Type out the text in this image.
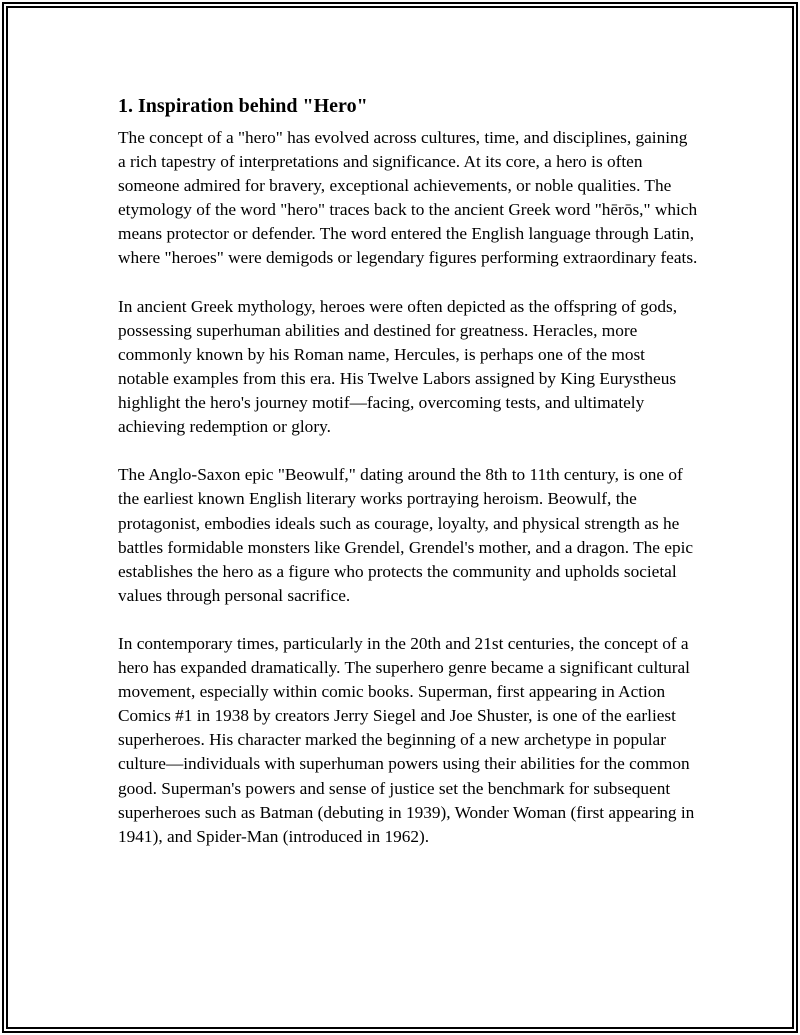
1. Inspiration behind "Hero"

The concept of a "hero" has evolved across cultures, time, and disciplines, gaining a rich tapestry of interpretations and significance. At its core, a hero is often someone admired for bravery, exceptional achievements, or noble qualities. The etymology of the word "hero" traces back to the ancient Greek word "hērōs," which means protector or defender. The word entered the English language through Latin, where "heroes" were demigods or legendary figures performing extraordinary feats.

In ancient Greek mythology, heroes were often depicted as the offspring of gods, possessing superhuman abilities and destined for greatness. Heracles, more commonly known by his Roman name, Hercules, is perhaps one of the most notable examples from this era. His Twelve Labors assigned by King Eurystheus highlight the hero's journey motif—facing, overcoming tests, and ultimately achieving redemption or glory.

The Anglo-Saxon epic "Beowulf," dating around the 8th to 11th century, is one of the earliest known English literary works portraying heroism. Beowulf, the protagonist, embodies ideals such as courage, loyalty, and physical strength as he battles formidable monsters like Grendel, Grendel's mother, and a dragon. The epic establishes the hero as a figure who protects the community and upholds societal values through personal sacrifice.

In contemporary times, particularly in the 20th and 21st centuries, the concept of a hero has expanded dramatically. The superhero genre became a significant cultural movement, especially within comic books. Superman, first appearing in Action Comics #1 in 1938 by creators Jerry Siegel and Joe Shuster, is one of the earliest superheroes. His character marked the beginning of a new archetype in popular culture—individuals with superhuman powers using their abilities for the common good. Superman's powers and sense of justice set the benchmark for subsequent superheroes such as Batman (debuting in 1939), Wonder Woman (first appearing in 1941), and Spider-Man (introduced in 1962).
